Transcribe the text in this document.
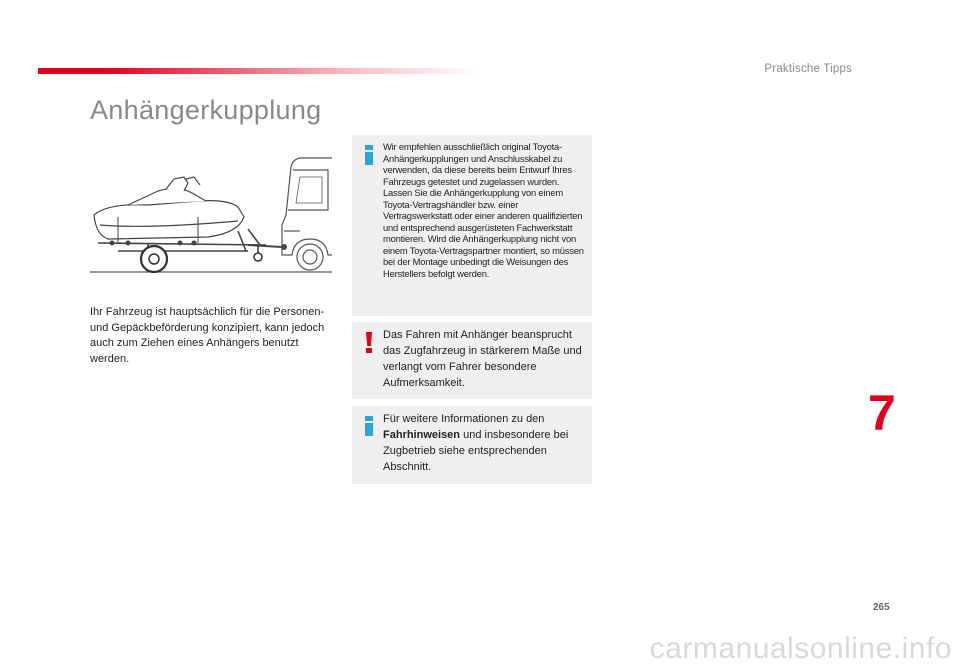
Praktische Tipps
Anhängerkupplung

Ihr Fahrzeug ist hauptsächlich für die Personen- und Gepäckbeförderung konzipiert, kann jedoch auch zum Ziehen eines Anhängers benutzt werden.

Wir empfehlen ausschließlich original Toyota-Anhängerkupplungen und Anschlusskabel zu verwenden, da diese bereits beim Entwurf Ihres Fahrzeugs getestet und zugelassen wurden. Lassen Sie die Anhängerkupplung von einem Toyota-Vertragshändler bzw. einer Vertragswerkstatt oder einer anderen qualifizierten und entsprechend ausgerüsteten Fachwerkstatt montieren. Wird die Anhängerkupplung nicht von einem Toyota-Vertragspartner montiert, so müssen bei der Montage unbedingt die Weisungen des Herstellers befolgt werden.

Das Fahren mit Anhänger beansprucht das Zugfahrzeug in stärkerem Maße und verlangt vom Fahrer besondere Aufmerksamkeit.

Für weitere Informationen zu den Fahrhinweisen und insbesondere bei Zugbetrieb siehe entsprechenden Abschnitt.

7
265
carmanualsonline.info
